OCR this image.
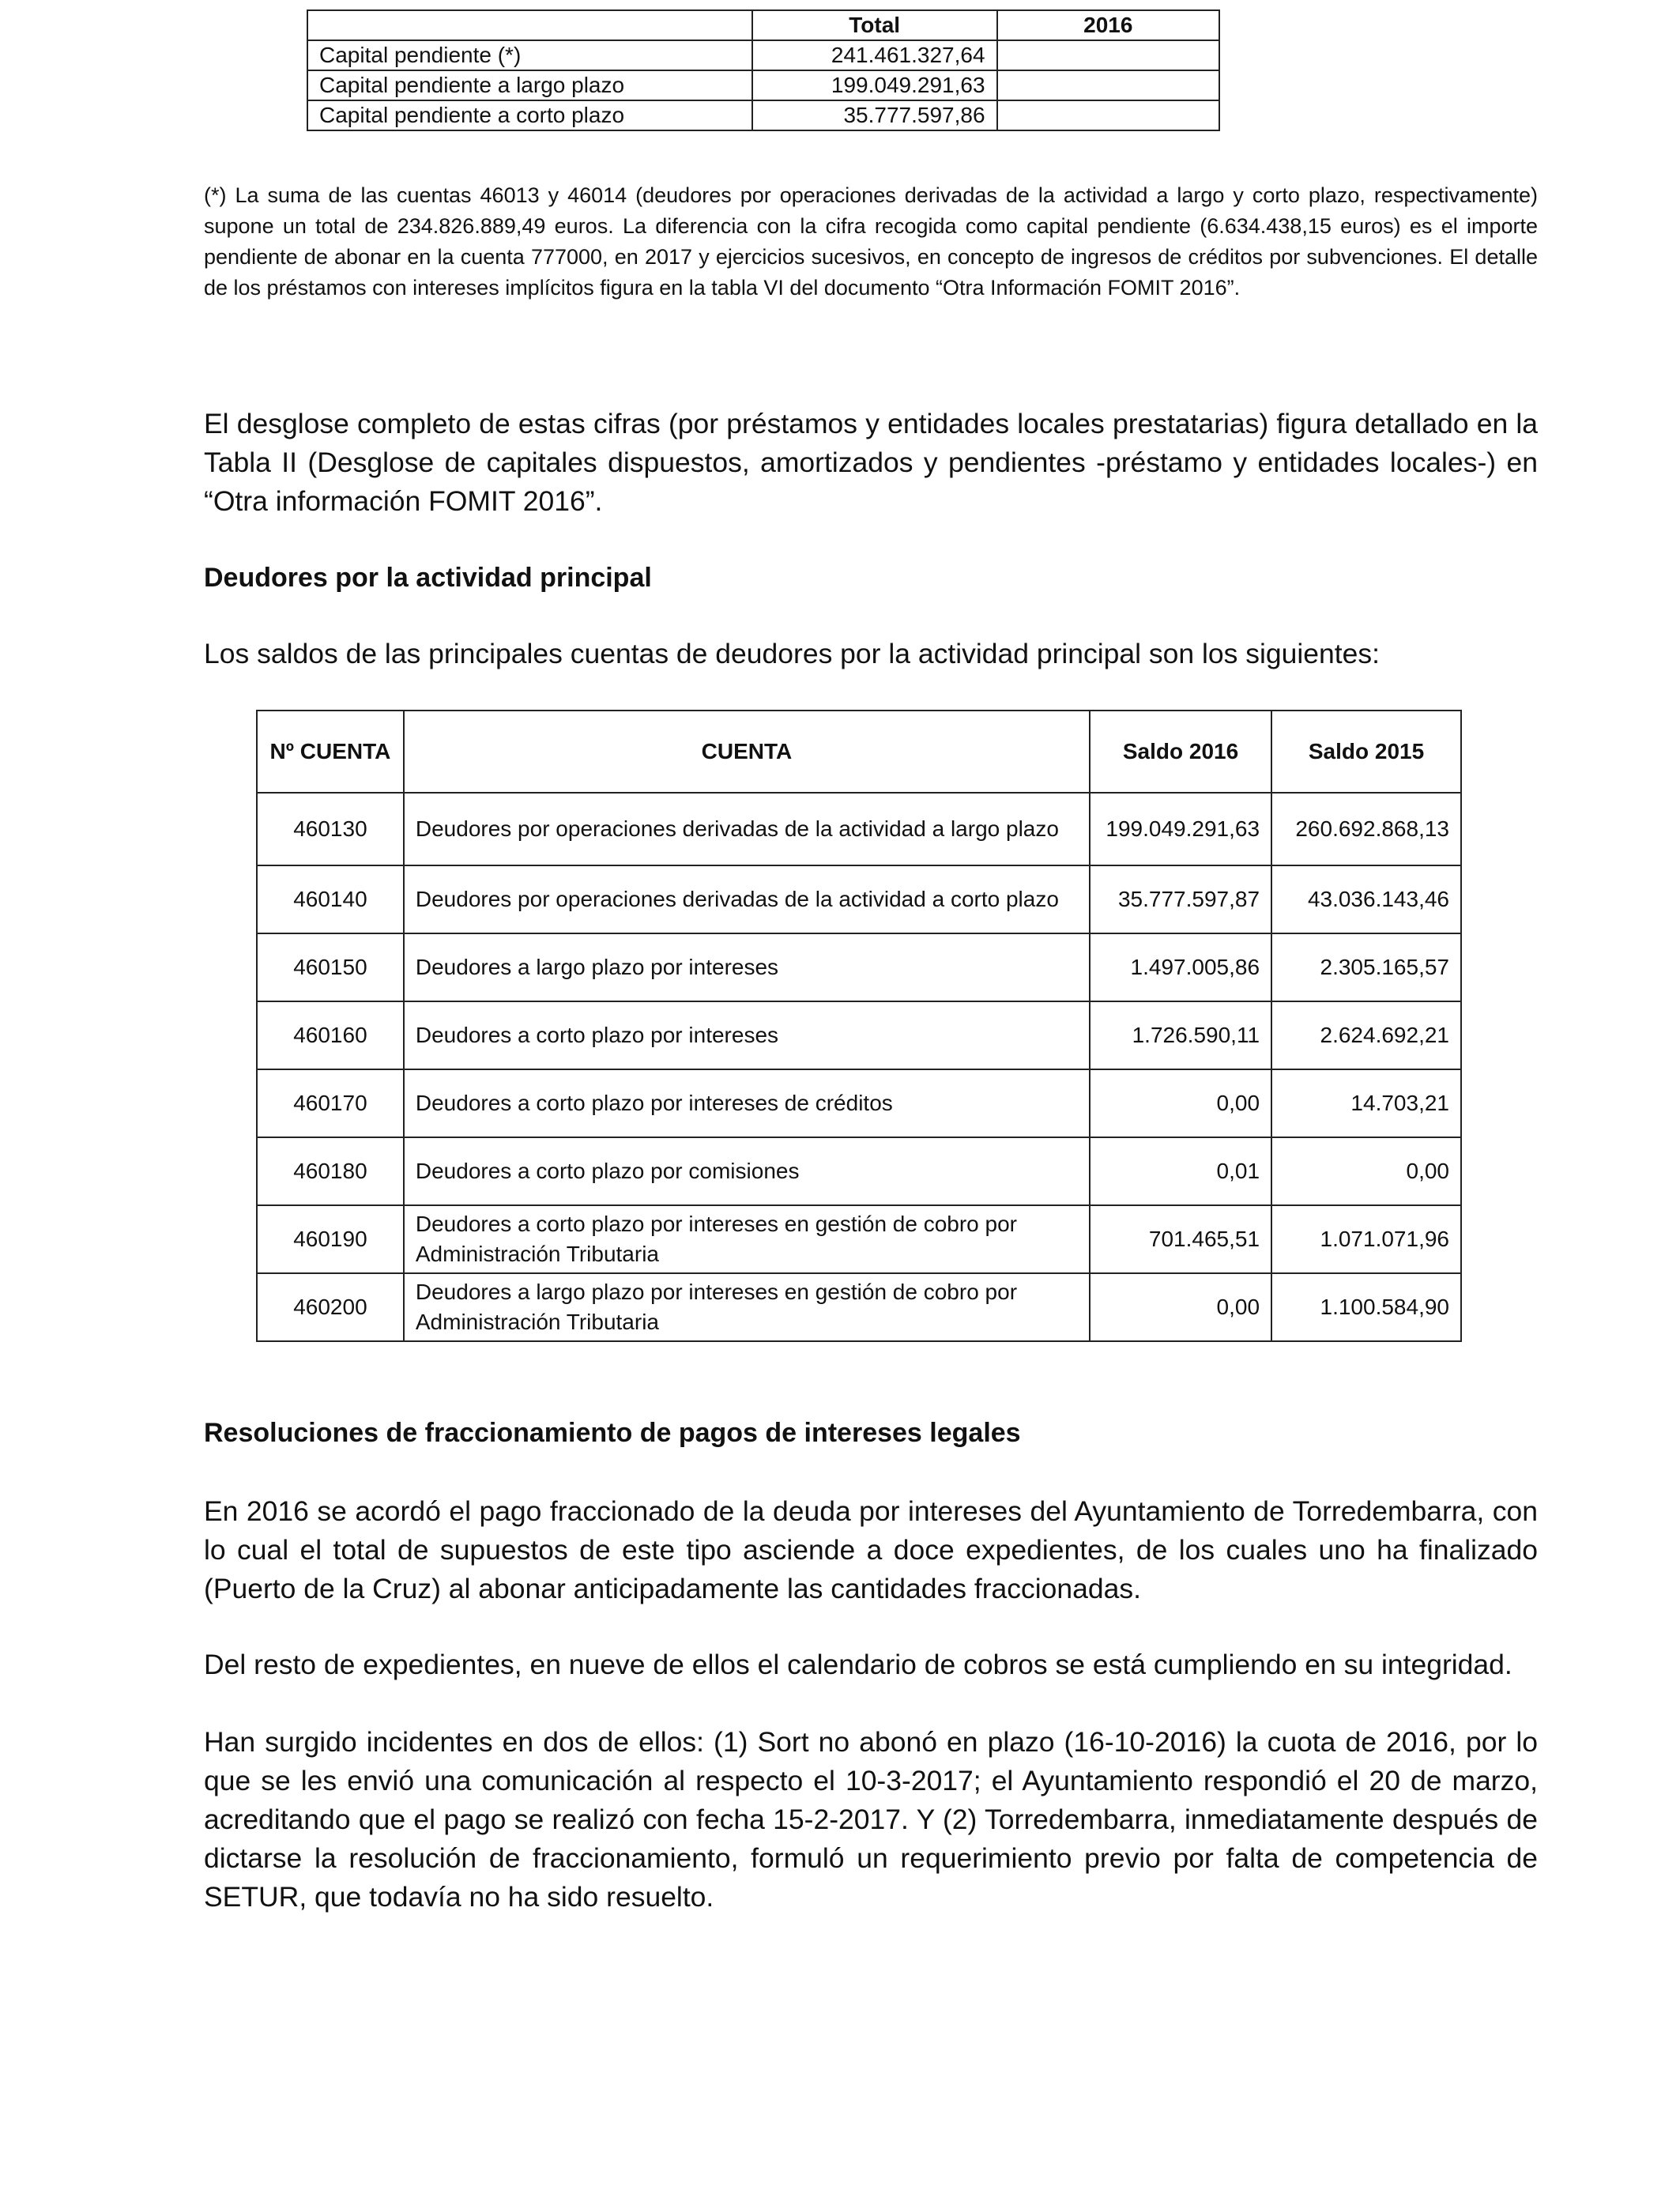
	Total	2016
Capital pendiente (*)	241.461.327,64	
Capital pendiente a largo plazo	199.049.291,63	
Capital pendiente a corto plazo	35.777.597,86	

(*) La suma de las cuentas 46013 y 46014 (deudores por operaciones derivadas de la actividad a largo y corto plazo, respectivamente) supone un total de 234.826.889,49 euros. La diferencia con la cifra recogida como capital pendiente (6.634.438,15 euros) es el importe pendiente de abonar en la cuenta 777000, en 2017 y ejercicios sucesivos, en concepto de ingresos de créditos por subvenciones. El detalle de los préstamos con intereses implícitos figura en la tabla VI del documento “Otra Información FOMIT 2016”.

El desglose completo de estas cifras (por préstamos y entidades locales prestatarias) figura detallado en la Tabla II (Desglose de capitales dispuestos, amortizados y pendientes -préstamo y entidades locales-) en “Otra información FOMIT 2016”.

Deudores por la actividad principal

Los saldos de las principales cuentas de deudores por la actividad principal son los siguientes:

Nº CUENTA	CUENTA	Saldo 2016	Saldo 2015
460130	Deudores por operaciones derivadas de la actividad a largo plazo	199.049.291,63	260.692.868,13
460140	Deudores por operaciones derivadas de la actividad a corto plazo	35.777.597,87	43.036.143,46
460150	Deudores a largo plazo por intereses	1.497.005,86	2.305.165,57
460160	Deudores a corto plazo por intereses	1.726.590,11	2.624.692,21
460170	Deudores a corto plazo por intereses de créditos	0,00	14.703,21
460180	Deudores a corto plazo por comisiones	0,01	0,00
460190	Deudores a corto plazo por intereses en gestión de cobro por Administración Tributaria	701.465,51	1.071.071,96
460200	Deudores a largo plazo por intereses en gestión de cobro por Administración Tributaria	0,00	1.100.584,90
Resoluciones de fraccionamiento de pagos de intereses legales

En 2016 se acordó el pago fraccionado de la deuda por intereses del Ayuntamiento de Torredembarra, con lo cual el total de supuestos de este tipo asciende a doce expedientes, de los cuales uno ha finalizado (Puerto de la Cruz) al abonar anticipadamente las cantidades fraccionadas.

Del resto de expedientes, en nueve de ellos el calendario de cobros se está cumpliendo en su integridad.

Han surgido incidentes en dos de ellos: (1) Sort no abonó en plazo (16-10-2016) la cuota de 2016, por lo que se les envió una comunicación al respecto el 10-3-2017; el Ayuntamiento respondió el 20 de marzo, acreditando que el pago se realizó con fecha 15-2-2017. Y (2) Torredembarra, inmediatamente después de dictarse la resolución de fraccionamiento, formuló un requerimiento previo por falta de competencia de SETUR, que todavía no ha sido resuelto.
